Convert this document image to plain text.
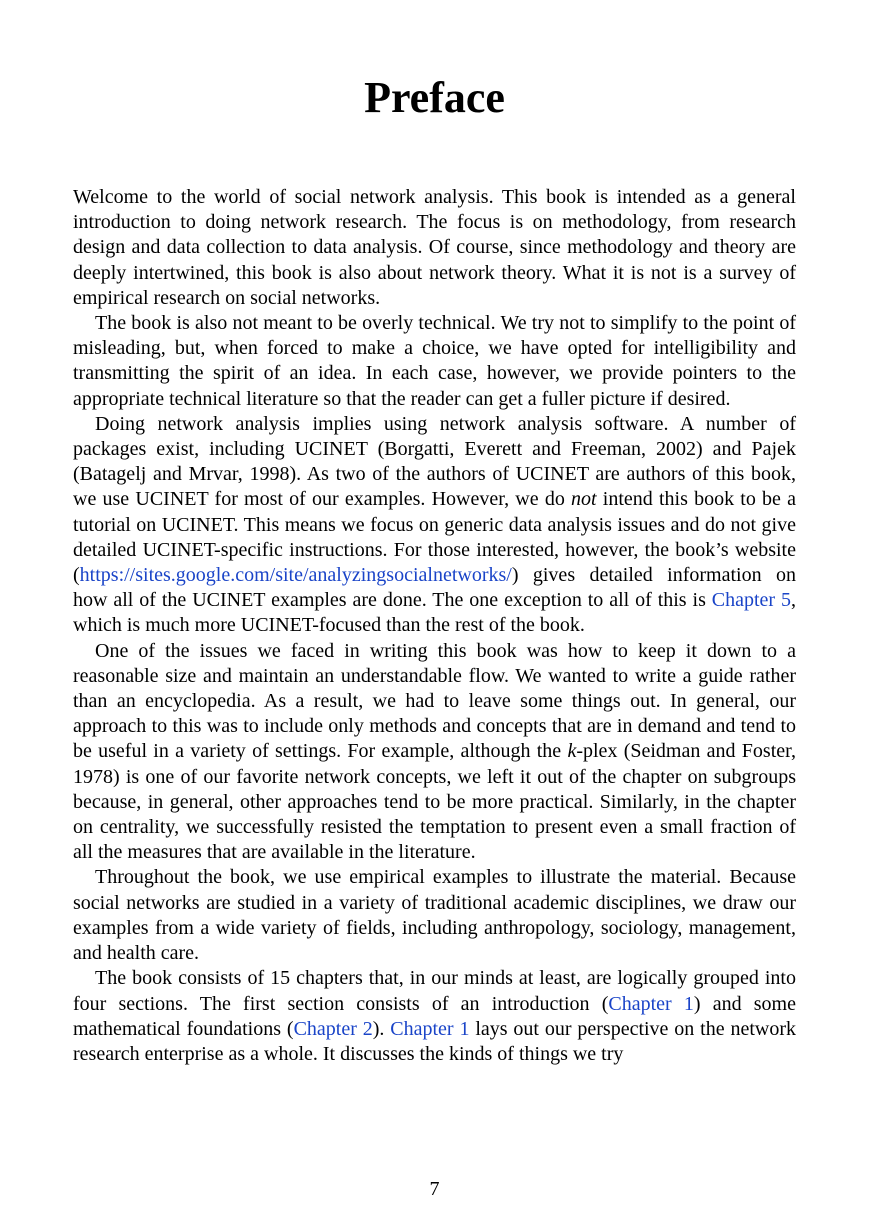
Preface

Welcome to the world of social network analysis. This book is intended as a general introduction to doing network research. The focus is on methodology, from research design and data collection to data analysis. Of course, since methodology and theory are deeply intertwined, this book is also about network theory. What it is not is a survey of empirical research on social networks.

The book is also not meant to be overly technical. We try not to simplify to the point of misleading, but, when forced to make a choice, we have opted for intelligibility and transmitting the spirit of an idea. In each case, however, we provide pointers to the appropriate technical literature so that the reader can get a fuller picture if desired.

Doing network analysis implies using network analysis software. A number of packages exist, including UCINET (Borgatti, Everett and Freeman, 2002) and Pajek (Batagelj and Mrvar, 1998). As two of the authors of UCINET are authors of this book, we use UCINET for most of our examples. However, we do not intend this book to be a tutorial on UCINET. This means we focus on generic data analysis issues and do not give detailed UCINET-specific instructions. For those interested, however, the book’s website (https://sites.google.com/site/analyzingsocialnetworks/) gives detailed information on how all of the UCINET examples are done. The one exception to all of this is Chapter 5, which is much more UCINET-focused than the rest of the book.

One of the issues we faced in writing this book was how to keep it down to a reasonable size and maintain an understandable flow. We wanted to write a guide rather than an encyclopedia. As a result, we had to leave some things out. In general, our approach to this was to include only methods and concepts that are in demand and tend to be useful in a variety of settings. For example, although the k-plex (Seidman and Foster, 1978) is one of our favorite network concepts, we left it out of the chapter on subgroups because, in general, other approaches tend to be more practical. Similarly, in the chapter on centrality, we successfully resisted the temptation to present even a small fraction of all the measures that are available in the literature.

Throughout the book, we use empirical examples to illustrate the material. Because social networks are studied in a variety of traditional academic disciplines, we draw our examples from a wide variety of fields, including anthropology, sociology, management, and health care.

The book consists of 15 chapters that, in our minds at least, are logically grouped into four sections. The first section consists of an introduction (Chapter 1) and some mathematical foundations (Chapter 2). Chapter 1 lays out our perspective on the network research enterprise as a whole. It discusses the kinds of things we try

7
